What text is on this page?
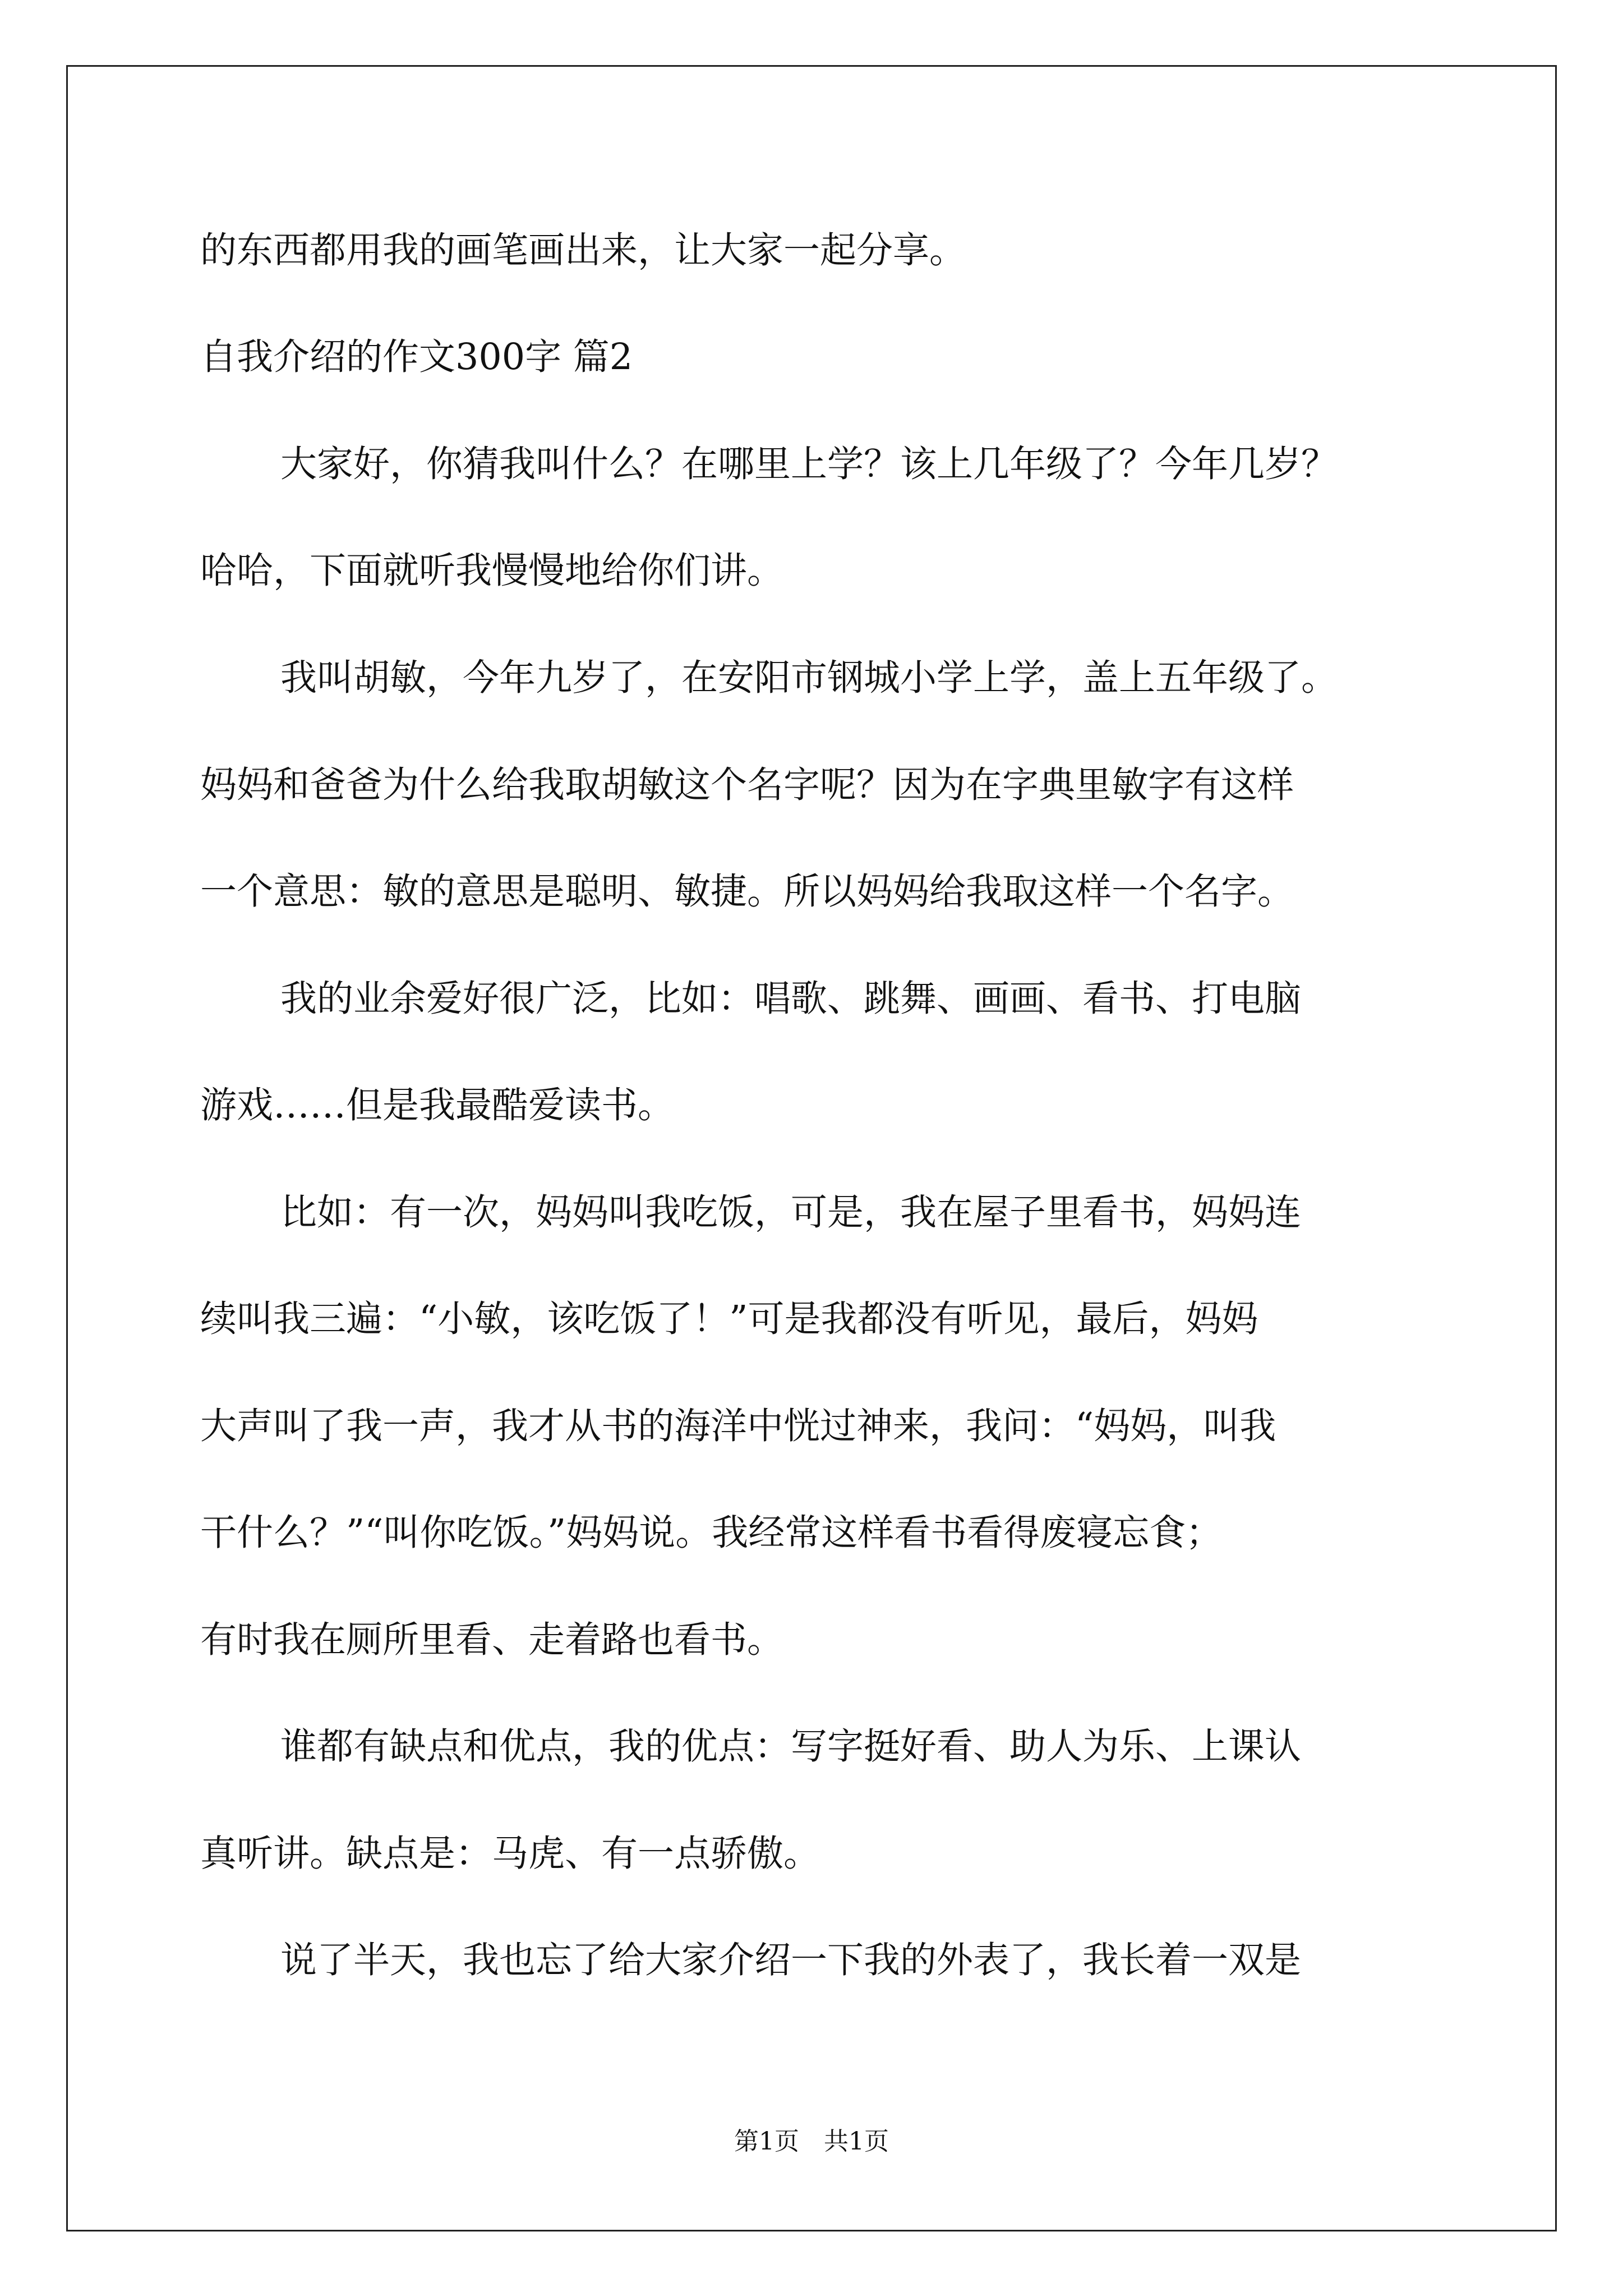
的东西都用我的画笔画出来，让大家一起分享。
自我介绍的作文300字 篇2
大家好，你猜我叫什么？在哪里上学？该上几年级了？今年几岁？
哈哈，下面就听我慢慢地给你们讲。
我叫胡敏，今年九岁了，在安阳市钢城小学上学，盖上五年级了。
妈妈和爸爸为什么给我取胡敏这个名字呢？因为在字典里敏字有这样
一个意思：敏的意思是聪明、敏捷。所以妈妈给我取这样一个名字。
我的业余爱好很广泛，比如：唱歌、跳舞、画画、看书、打电脑
游戏……但是我最酷爱读书。
比如：有一次，妈妈叫我吃饭，可是，我在屋子里看书，妈妈连
续叫我三遍：“小敏，该吃饭了！”可是我都没有听见，最后，妈妈
大声叫了我一声，我才从书的海洋中恍过神来，我问：“妈妈，叫我
干什么？”“叫你吃饭。”妈妈说。我经常这样看书看得废寝忘食；
有时我在厕所里看、走着路也看书。
谁都有缺点和优点，我的优点：写字挺好看、助人为乐、上课认
真听讲。缺点是：马虎、有一点骄傲。
说了半天，我也忘了给大家介绍一下我的外表了，我长着一双是
第1页　共1页
